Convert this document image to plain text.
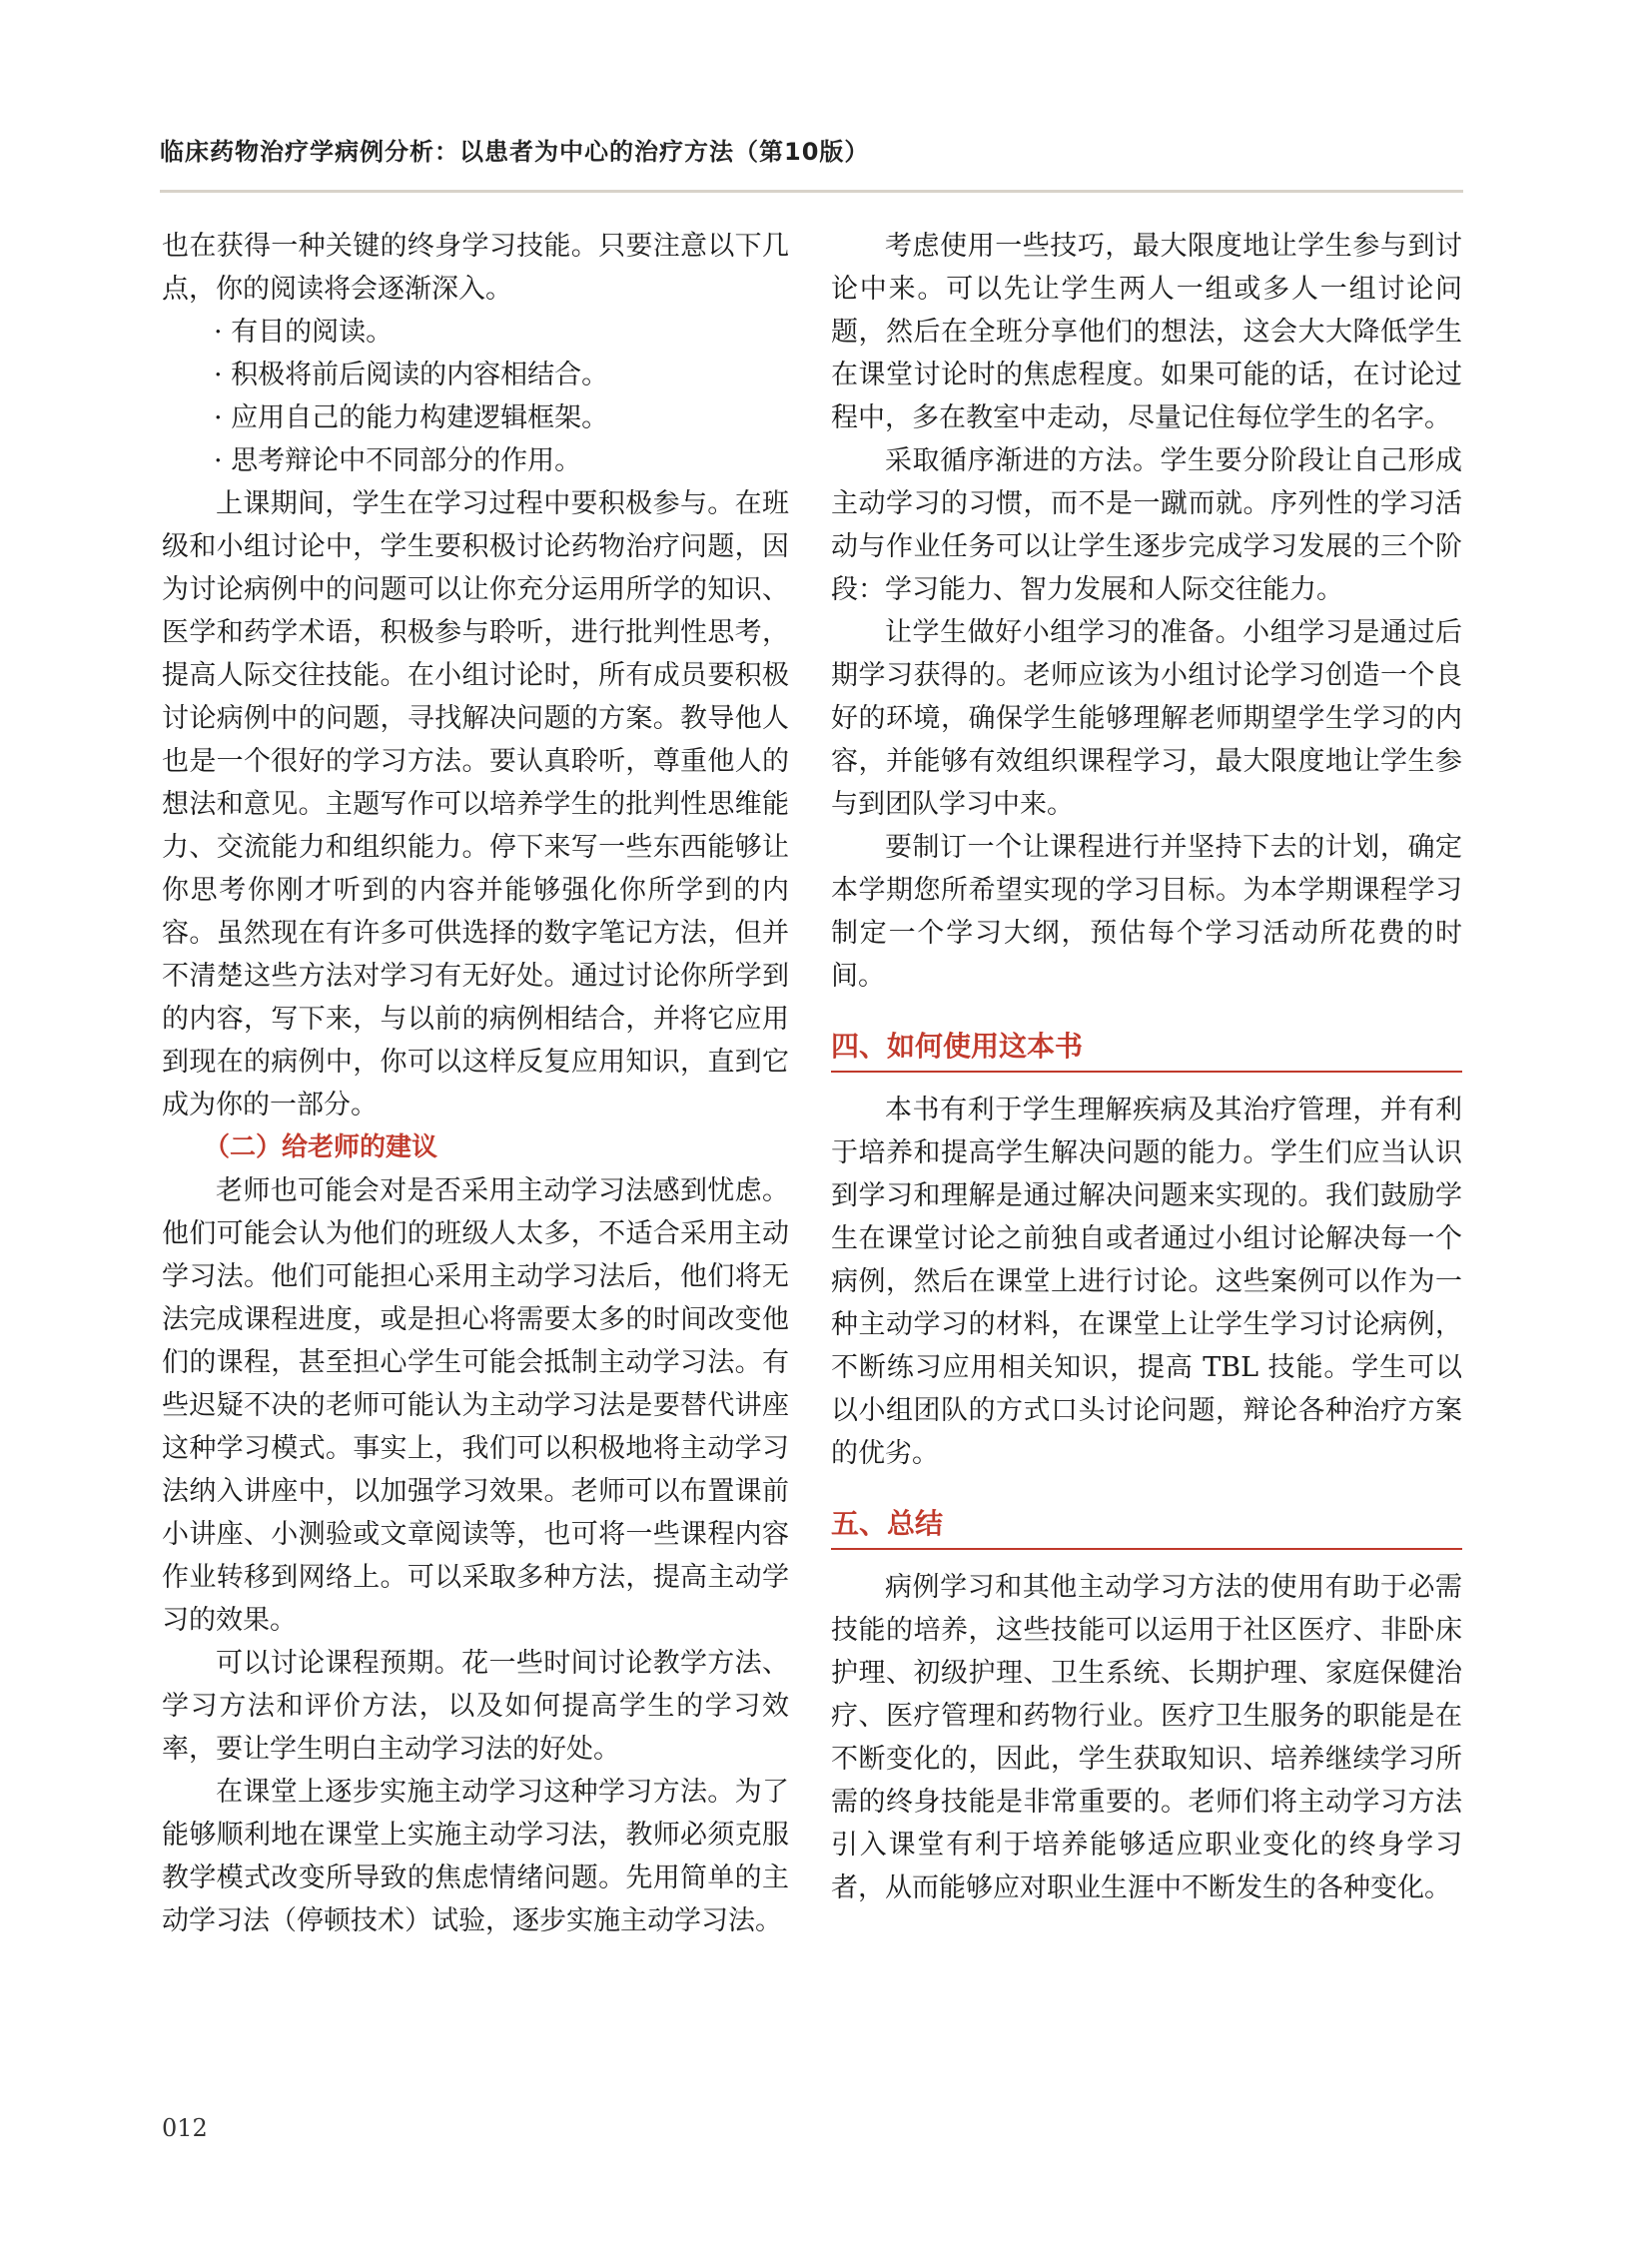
临床药物治疗学病例分析：以患者为中心的治疗方法（第10版）

也在获得一种关键的终身学习技能。只要注意以下几点，你的阅读将会逐渐深入。

· 有目的阅读。
· 积极将前后阅读的内容相结合。
· 应用自己的能力构建逻辑框架。
· 思考辩论中不同部分的作用。

上课期间，学生在学习过程中要积极参与。在班级和小组讨论中，学生要积极讨论药物治疗问题，因为讨论病例中的问题可以让你充分运用所学的知识、医学和药学术语，积极参与聆听，进行批判性思考，提高人际交往技能。在小组讨论时，所有成员要积极讨论病例中的问题，寻找解决问题的方案。教导他人也是一个很好的学习方法。要认真聆听，尊重他人的想法和意见。主题写作可以培养学生的批判性思维能力、交流能力和组织能力。停下来写一些东西能够让你思考你刚才听到的内容并能够强化你所学到的内容。虽然现在有许多可供选择的数字笔记方法，但并不清楚这些方法对学习有无好处。通过讨论你所学到的内容，写下来，与以前的病例相结合，并将它应用到现在的病例中，你可以这样反复应用知识，直到它成为你的一部分。

（二）给老师的建议

老师也可能会对是否采用主动学习法感到忧虑。他们可能会认为他们的班级人太多，不适合采用主动学习法。他们可能担心采用主动学习法后，他们将无法完成课程进度，或是担心将需要太多的时间改变他们的课程，甚至担心学生可能会抵制主动学习法。有些迟疑不决的老师可能认为主动学习法是要替代讲座这种学习模式。事实上，我们可以积极地将主动学习法纳入讲座中，以加强学习效果。老师可以布置课前小讲座、小测验或文章阅读等，也可将一些课程内容作业转移到网络上。可以采取多种方法，提高主动学习的效果。

可以讨论课程预期。花一些时间讨论教学方法、学习方法和评价方法，以及如何提高学生的学习效率，要让学生明白主动学习法的好处。

在课堂上逐步实施主动学习这种学习方法。为了能够顺利地在课堂上实施主动学习法，教师必须克服教学模式改变所导致的焦虑情绪问题。先用简单的主动学习法（停顿技术）试验，逐步实施主动学习法。

考虑使用一些技巧，最大限度地让学生参与到讨论中来。可以先让学生两人一组或多人一组讨论问题，然后在全班分享他们的想法，这会大大降低学生在课堂讨论时的焦虑程度。如果可能的话，在讨论过程中，多在教室中走动，尽量记住每位学生的名字。

采取循序渐进的方法。学生要分阶段让自己形成主动学习的习惯，而不是一蹴而就。序列性的学习活动与作业任务可以让学生逐步完成学习发展的三个阶段：学习能力、智力发展和人际交往能力。

让学生做好小组学习的准备。小组学习是通过后期学习获得的。老师应该为小组讨论学习创造一个良好的环境，确保学生能够理解老师期望学生学习的内容，并能够有效组织课程学习，最大限度地让学生参与到团队学习中来。

要制订一个让课程进行并坚持下去的计划，确定本学期您所希望实现的学习目标。为本学期课程学习制定一个学习大纲，预估每个学习活动所花费的时间。

四、如何使用这本书

本书有利于学生理解疾病及其治疗管理，并有利于培养和提高学生解决问题的能力。学生们应当认识到学习和理解是通过解决问题来实现的。我们鼓励学生在课堂讨论之前独自或者通过小组讨论解决每一个病例，然后在课堂上进行讨论。这些案例可以作为一种主动学习的材料，在课堂上让学生学习讨论病例，不断练习应用相关知识，提高 TBL 技能。学生可以以小组团队的方式口头讨论问题，辩论各种治疗方案的优劣。

五、总结

病例学习和其他主动学习方法的使用有助于必需技能的培养，这些技能可以运用于社区医疗、非卧床护理、初级护理、卫生系统、长期护理、家庭保健治疗、医疗管理和药物行业。医疗卫生服务的职能是在不断变化的，因此，学生获取知识、培养继续学习所需的终身技能是非常重要的。老师们将主动学习方法引入课堂有利于培养能够适应职业变化的终身学习者，从而能够应对职业生涯中不断发生的各种变化。

012
